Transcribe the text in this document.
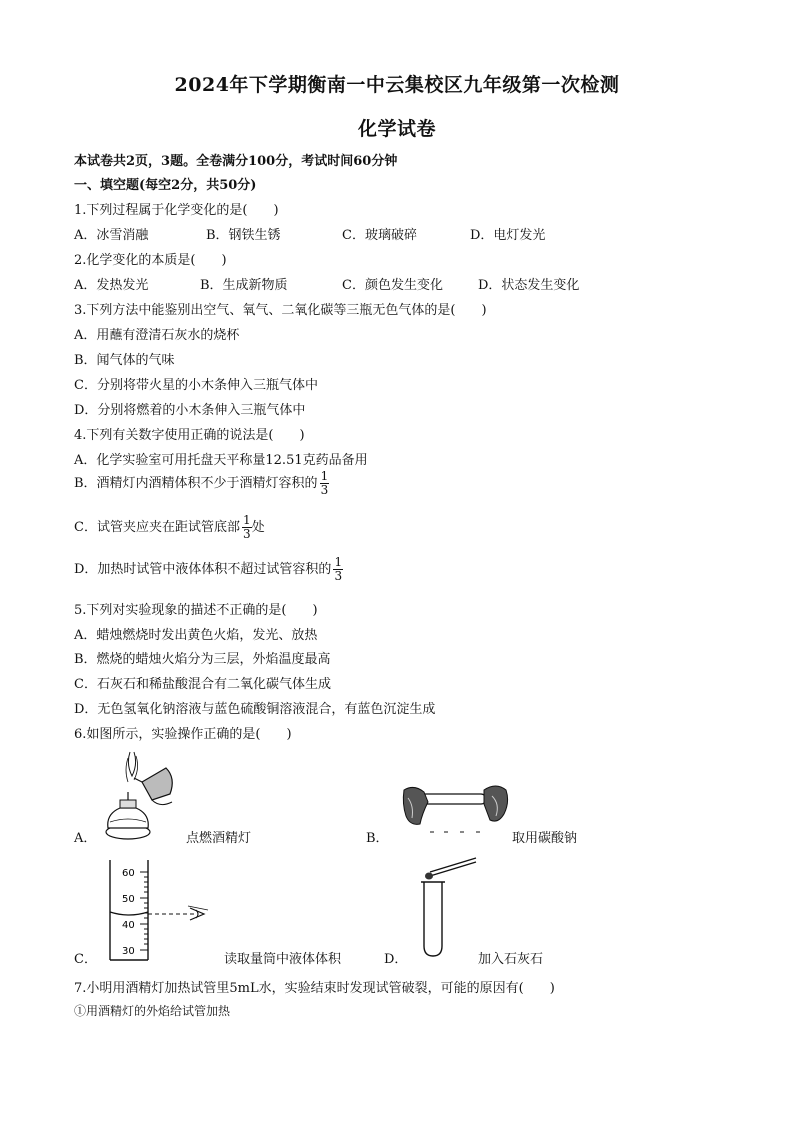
2024年下学期衡南一中云集校区九年级第一次检测
化学试卷
本试卷共2页，3题。全卷满分100分，考试时间60分钟
一、填空题(每空2分，共50分)
1.下列过程属于化学变化的是(　　)
A．冰雪消融	B．钢铁生锈	C．玻璃破碎	D．电灯发光
2.化学变化的本质是(　　)
A．发热发光	B．生成新物质	C．颜色发生变化	D．状态发生变化
3.下列方法中能鉴别出空气、氧气、二氧化碳等三瓶无色气体的是(　　)
A．用蘸有澄清石灰水的烧杯
B．闻气体的气味
C．分别将带火星的小木条伸入三瓶气体中
D．分别将燃着的小木条伸入三瓶气体中
4.下列有关数字使用正确的说法是(　　)
A．化学实验室可用托盘天平称量12.51克药品备用
B．酒精灯内酒精体积不少于酒精灯容积的 $\frac{1}{3}$
C．试管夹应夹在距试管底部 $\frac{1}{3}$ 处
D．加热时试管中液体体积不超过试管容积的 $\frac{1}{3}$
5.下列对实验现象的描述不正确的是(　　)
A．蜡烛燃烧时发出黄色火焰，发光、放热
B．燃烧的蜡烛火焰分为三层，外焰温度最高
C．石灰石和稀盐酸混合有二氧化碳气体生成
D．无色氢氧化钠溶液与蓝色硫酸铜溶液混合，有蓝色沉淀生成
6.如图所示，实验操作正确的是(　　)
A．	点燃酒精灯	B．	取用碳酸钠
60
50
40
30
C．	读取量筒中液体体积	D．	加入石灰石
7.小明用酒精灯加热试管里5mL水，实验结束时发现试管破裂，可能的原因有(　　)
①用酒精灯的外焰给试管加热
